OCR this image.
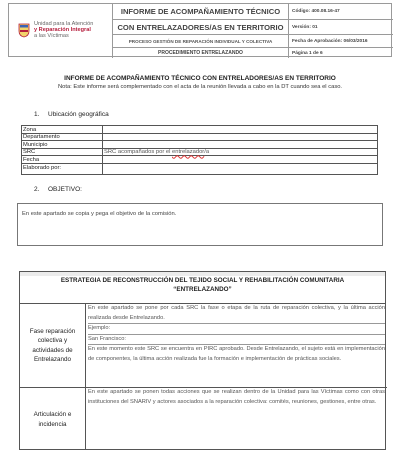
Unidad para la Atención
y Reparación Integral
a las Víctimas
INFORME DE ACOMPAÑAMIENTO TÉCNICO
CON ENTRELAZADORES/AS EN TERRITORIO
PROCESO GESTIÓN DE REPARACIÓN INDIVIDUAL Y COLECTIVA
PROCEDIMIENTO ENTRELAZANDO
Código: 400.08.16-47
Versión: 01
Fecha de Aprobación: 06/03/2016
Página 1 de 6
INFORME DE ACOMPAÑAMIENTO TÉCNICO CON ENTRELADORES/AS EN TERRITORIO
Nota: Este informe será complementado con el acta de la reunión llevada a cabo en la DT cuando sea el caso.
1. Ubicación geográfica
Zona
Departamento
Municipio
SRC	SRC acompañados por el entrelazador/a
Fecha
Elaborado por:
2. OBJETIVO:
En este apartado se copia y pega el objetivo de la comisión.
ESTRATEGIA DE RECONSTRUCCIÓN DEL TEJIDO SOCIAL Y REHABILITACIÓN COMUNITARIA
“ENTRELAZANDO”
Fase reparación
colectiva y
actividades de
Entrelazando
En este apartado se pone por cada SRC la fase o etapa de la ruta de reparación colectiva, y la última acción realizada desde Entrelazando.
Ejemplo:
San Francisco:
En este momento este SRC se encuentra en PIRC aprobado. Desde Entrelazando, el sujeto está en implementación de componentes, la última acción realizada fue la formación e implementación de prácticas sociales.
Articulación e
incidencia
En este apartado se ponen todas acciones que se realizan dentro de la Unidad para las Víctimas como con otras instituciones del SNARIV y actores asociados a la reparación colectiva: comités, reuniones, gestiones, entre otras.
